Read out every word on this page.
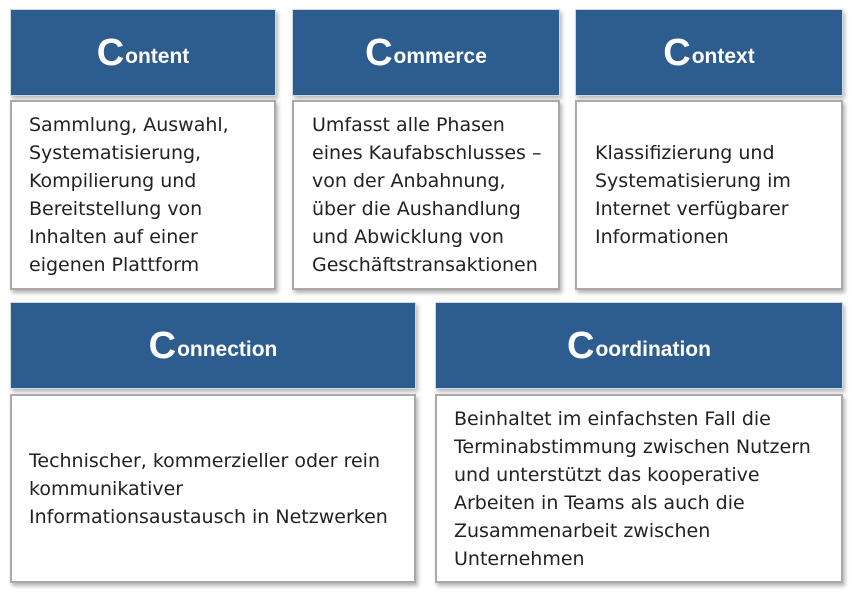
C ontent

Sammlung, Auswahl,
Systematisierung,
Kompilierung und
Bereitstellung von
Inhalten auf einer
eigenen Plattform

C ommerce

Umfasst alle Phasen
eines Kaufabschlusses –
von der Anbahnung,
über die Aushandlung
und Abwicklung von
Geschäftstransaktionen

C ontext

Klassifizierung und
Systematisierung im
Internet verfügbarer
Informationen

C onnection

Technischer, kommerzieller oder rein
kommunikativer
Informationsaustausch in Netzwerken

C oordination

Beinhaltet im einfachsten Fall die
Terminabstimmung zwischen Nutzern
und unterstützt das kooperative
Arbeiten in Teams als auch die
Zusammenarbeit zwischen
Unternehmen
